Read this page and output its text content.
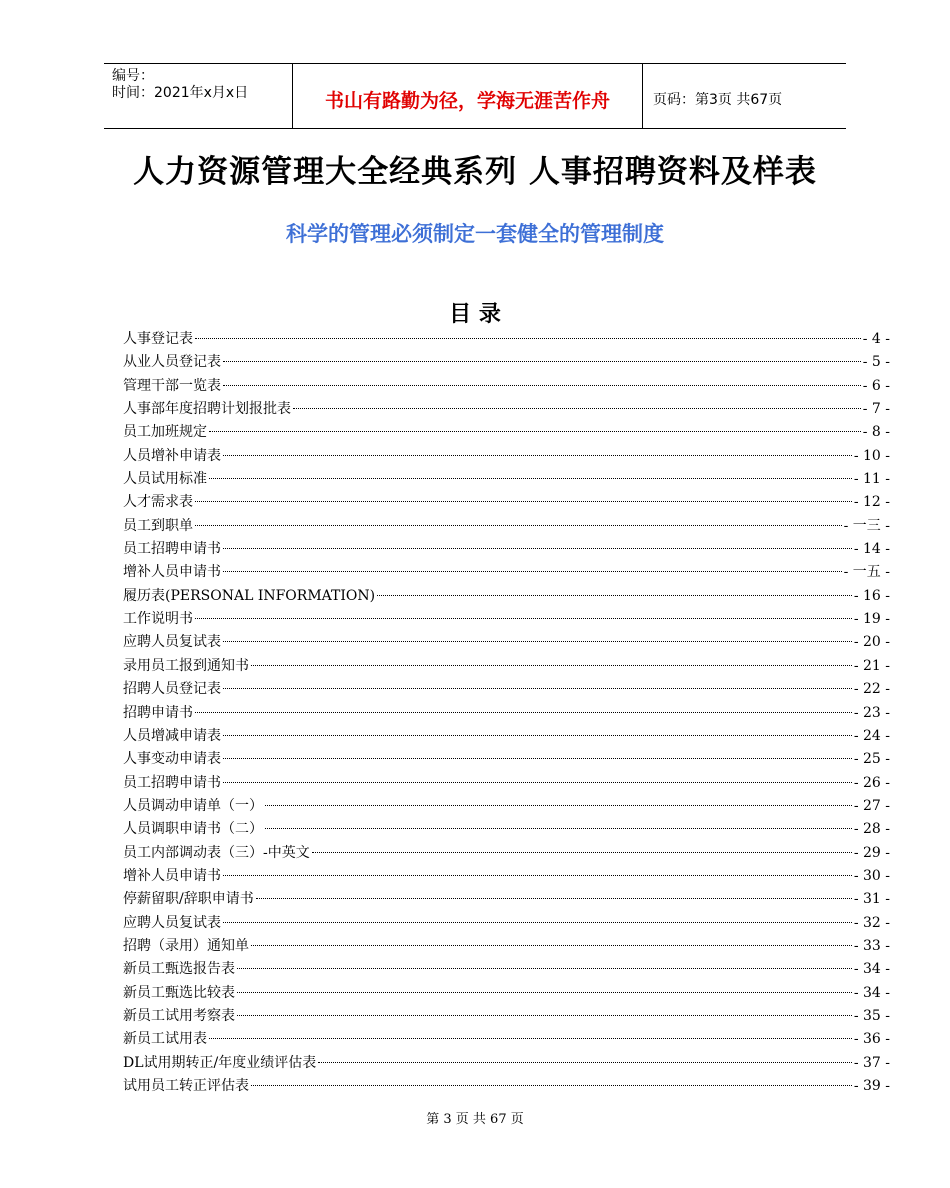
编号：
时间：2021年x月x日	书山有路勤为径，学海无涯苦作舟	页码：第3页 共67页
人力资源管理大全经典系列 人事招聘资料及样表
科学的管理必须制定一套健全的管理制度
目 录
人事登记表	- 4 -
从业人员登记表	- 5 -
管理干部一览表	- 6 -
人事部年度招聘计划报批表	- 7 -
员工加班规定	- 8 -
人员增补申请表	- 10 -
人员试用标准	- 11 -
人才需求表	- 12 -
员工到职单	- 一三 -
员工招聘申请书	- 14 -
增补人员申请书	- 一五 -
履历表(PERSONAL INFORMATION)	- 16 -
工作说明书	- 19 -
应聘人员复试表	- 20 -
录用员工报到通知书	- 21 -
招聘人员登记表	- 22 -
招聘申请书	- 23 -
人员增减申请表	- 24 -
人事变动申请表	- 25 -
员工招聘申请书	- 26 -
人员调动申请单（一）	- 27 -
人员调职申请书（二）	- 28 -
员工内部调动表（三）-中英文	- 29 -
增补人员申请书	- 30 -
停薪留职/辞职申请书	- 31 -
应聘人员复试表	- 32 -
招聘（录用）通知单	- 33 -
新员工甄选报告表	- 34 -
新员工甄选比较表	- 34 -
新员工试用考察表	- 35 -
新员工试用表	- 36 -
DL试用期转正/年度业绩评估表	- 37 -
试用员工转正评估表	- 39 -
第 3 页 共 67 页
